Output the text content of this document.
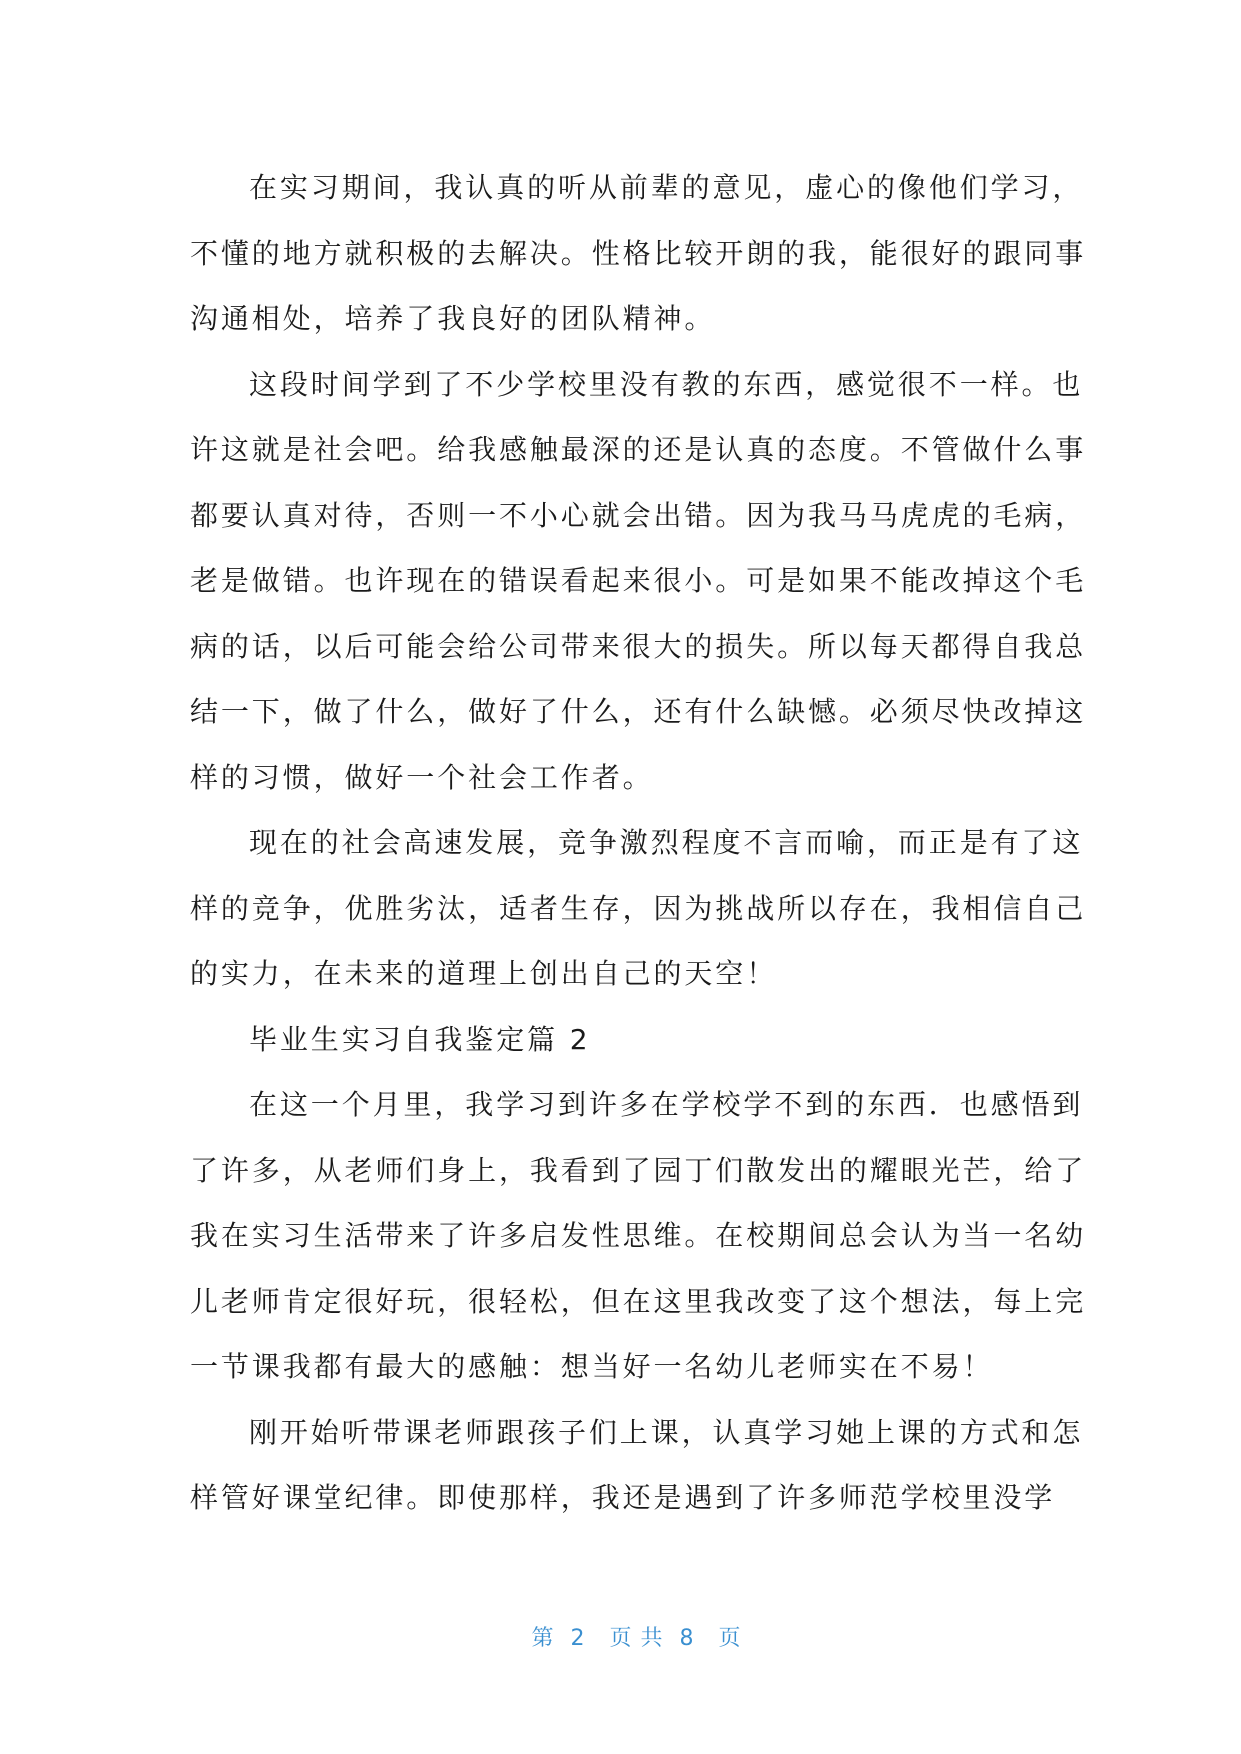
在实习期间，我认真的听从前辈的意见，虚心的像他们学习，
不懂的地方就积极的去解决。性格比较开朗的我，能很好的跟同事
沟通相处，培养了我良好的团队精神。
这段时间学到了不少学校里没有教的东西，感觉很不一样。也
许这就是社会吧。给我感触最深的还是认真的态度。不管做什么事
都要认真对待，否则一不小心就会出错。因为我马马虎虎的毛病，
老是做错。也许现在的错误看起来很小。可是如果不能改掉这个毛
病的话，以后可能会给公司带来很大的损失。所以每天都得自我总
结一下，做了什么，做好了什么，还有什么缺憾。必须尽快改掉这
样的习惯，做好一个社会工作者。
现在的社会高速发展，竞争激烈程度不言而喻，而正是有了这
样的竞争，优胜劣汰，适者生存，因为挑战所以存在，我相信自己
的实力，在未来的道理上创出自己的天空！
毕业生实习自我鉴定篇 2
在这一个月里，我学习到许多在学校学不到的东西．也感悟到
了许多，从老师们身上，我看到了园丁们散发出的耀眼光芒，给了
我在实习生活带来了许多启发性思维。在校期间总会认为当一名幼
儿老师肯定很好玩，很轻松，但在这里我改变了这个想法，每上完
一节课我都有最大的感触：想当好一名幼儿老师实在不易！
刚开始听带课老师跟孩子们上课，认真学习她上课的方式和怎
样管好课堂纪律。即使那样，我还是遇到了许多师范学校里没学

第  2   页 共  8   页
